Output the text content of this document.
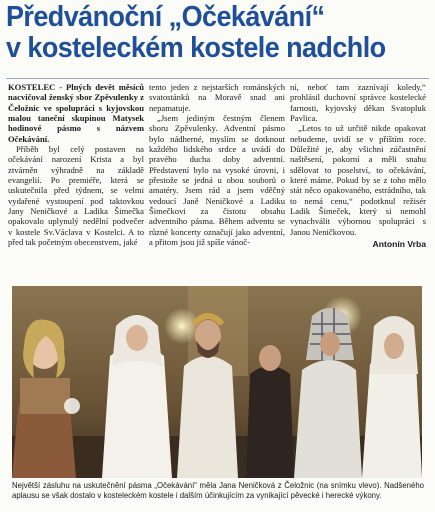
Předvánoční „Očekávání“
v kosteleckém kostele nadchlo

KOSTELEC - Plných devět měsíců nacvičoval ženský sbor Zpěvulenky z Čeložnic ve spolupráci s kyjovskou malou taneční skupinou Matysek hodinové pásmo s názvem Očekávání.

Příběh byl celý postaven na očekávání narození Krista a byl ztvárněn výhradně na základě evangelií. Po premiéře, která se uskutečnila před týdnem, se velmi vydařené vystoupení pod taktovkou Jany Neničkové a Ladika Šimečka opakovalo uplynulý nedělní podvečer v kostele Sv.Václava v Kostelci. A to před tak početným obecenstvem, jaké

tento jeden z nejstarších románských svatostánků na Moravě snad ani nepamatuje.

„Jsem jediným čestným členem sboru Zpěvulenky. Adventní pásmo bylo nádherné, myslím se dotknout každého lidského srdce a uvádí do pravého ducha doby adventní. Představení bylo na vysoké úrovni, i přestože se jedná u obou souborů o amatéry. Jsem rád a jsem vděčný vedoucí Janě Neničkové a Ladiku Šimečkovi za čistotu obsahu adventního pásma. Během adventu se různé koncerty označují jako adventní, a přitom jsou již spíše vánoč-

ní, neboť tam zaznívají koledy,“ prohlásil duchovní správce kostelecké farnosti, kyjovský děkan Svatopluk Pavlica.

„Letos to už určitě nikde opakovat nebudeme, uvidí se v příštím roce. Důležité je, aby všichni zúčastnění naštěsení, pokorní a měli snahu sdělovat to poselství, to očekávání, které máme. Pokud by se z toho mělo stát něco opakovaného, estrádního, tak to nemá cenu,“ podotknul režisér Ladik Šimeček, který si nemohl vynachválit výbornou spolupráci s Janou Neničkovou.

Antonín Vrba

Největší zásluhu na uskutečnění pásma „Očekávání“ měla Jana Neničková z Čeložnic (na snímku vlevo). Nadšeného aplausu se však dostalo v kosteleckém kostele i dalším účinkujícím za vynikající pěvecké i herecké výkony.
